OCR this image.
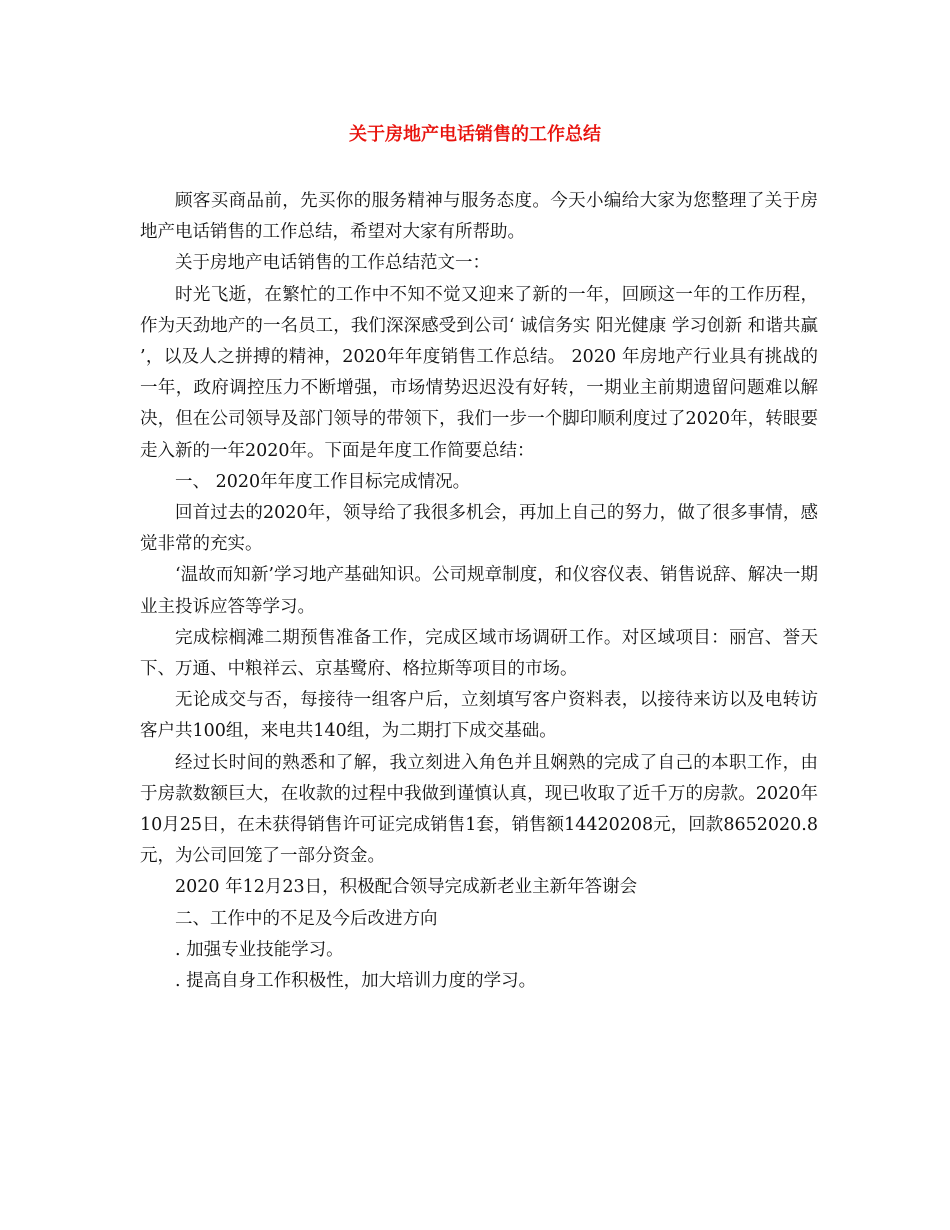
关于房地产电话销售的工作总结

顾客买商品前，先买你的服务精神与服务态度。今天小编给大家为您整理了关于房地产电话销售的工作总结，希望对大家有所帮助。

关于房地产电话销售的工作总结范文一：

时光飞逝，在繁忙的工作中不知不觉又迎来了新的一年，回顾这一年的工作历程，作为天劲地产的一名员工，我们深深感受到公司‘ 诚信务实 阳光健康 学习创新 和谐共赢 ’，以及人之拼搏的精神，2020年年度销售工作总结。 2020 年房地产行业具有挑战的一年，政府调控压力不断增强，市场情势迟迟没有好转，一期业主前期遗留问题难以解决，但在公司领导及部门领导的带领下，我们一步一个脚印顺利度过了2020年，转眼要走入新的一年2020年。下面是年度工作简要总结：

一、 2020年年度工作目标完成情况。

回首过去的2020年，领导给了我很多机会，再加上自己的努力，做了很多事情，感觉非常的充实。

‘温故而知新’学习地产基础知识。公司规章制度，和仪容仪表、销售说辞、解决一期业主投诉应答等学习。

完成棕榈滩二期预售准备工作，完成区域市场调研工作。对区域项目：丽宫、誉天下、万通、中粮祥云、京基鹭府、格拉斯等项目的市场。

无论成交与否，每接待一组客户后，立刻填写客户资料表，以接待来访以及电转访客户共100组，来电共140组，为二期打下成交基础。

经过长时间的熟悉和了解，我立刻进入角色并且娴熟的完成了自己的本职工作，由于房款数额巨大，在收款的过程中我做到谨慎认真，现已收取了近千万的房款。2020年10月25日，在未获得销售许可证完成销售1套，销售额14420208元，回款8652020.8元，为公司回笼了一部分资金。

2020 年12月23日，积极配合领导完成新老业主新年答谢会

二、工作中的不足及今后改进方向

. 加强专业技能学习。

. 提高自身工作积极性，加大培训力度的学习。
